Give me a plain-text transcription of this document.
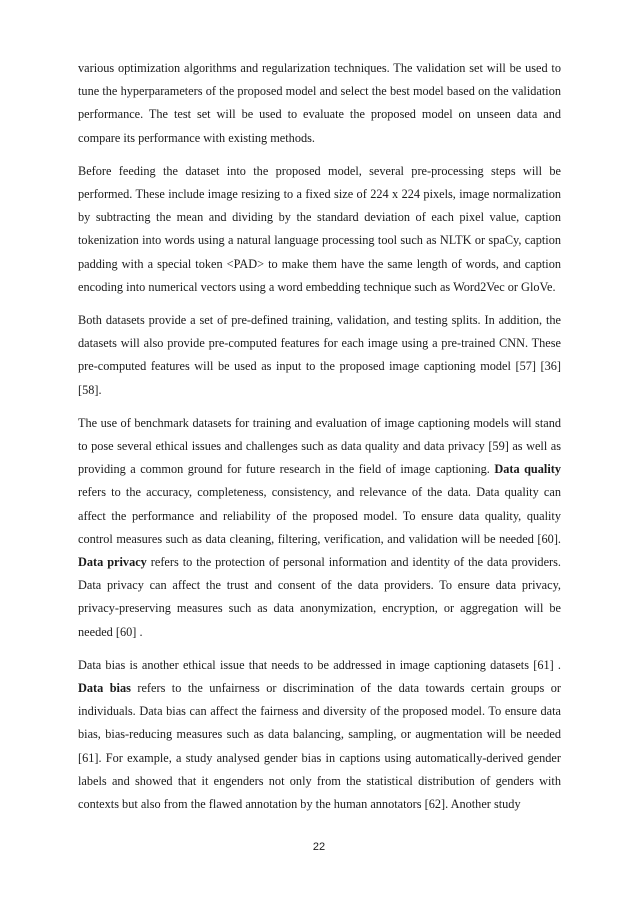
various optimization algorithms and regularization techniques. The validation set will be used to tune the hyperparameters of the proposed model and select the best model based on the validation performance. The test set will be used to evaluate the proposed model on unseen data and compare its performance with existing methods.

Before feeding the dataset into the proposed model, several pre-processing steps will be performed. These include image resizing to a fixed size of 224 x 224 pixels, image normalization by subtracting the mean and dividing by the standard deviation of each pixel value, caption tokenization into words using a natural language processing tool such as NLTK or spaCy, caption padding with a special token <PAD> to make them have the same length of words, and caption encoding into numerical vectors using a word embedding technique such as Word2Vec or GloVe.

Both datasets provide a set of pre-defined training, validation, and testing splits. In addition, the datasets will also provide pre-computed features for each image using a pre-trained CNN. These pre-computed features will be used as input to the proposed image captioning model [57] [36] [58].

The use of benchmark datasets for training and evaluation of image captioning models will stand to pose several ethical issues and challenges such as data quality and data privacy [59] as well as providing a common ground for future research in the field of image captioning. Data quality refers to the accuracy, completeness, consistency, and relevance of the data. Data quality can affect the performance and reliability of the proposed model. To ensure data quality, quality control measures such as data cleaning, filtering, verification, and validation will be needed [60]. Data privacy refers to the protection of personal information and identity of the data providers. Data privacy can affect the trust and consent of the data providers. To ensure data privacy, privacy-preserving measures such as data anonymization, encryption, or aggregation will be needed [60] .

Data bias is another ethical issue that needs to be addressed in image captioning datasets [61] . Data bias refers to the unfairness or discrimination of the data towards certain groups or individuals. Data bias can affect the fairness and diversity of the proposed model. To ensure data bias, bias-reducing measures such as data balancing, sampling, or augmentation will be needed [61]. For example, a study analysed gender bias in captions using automatically-derived gender labels and showed that it engenders not only from the statistical distribution of genders with contexts but also from the flawed annotation by the human annotators [62]. Another study

22
